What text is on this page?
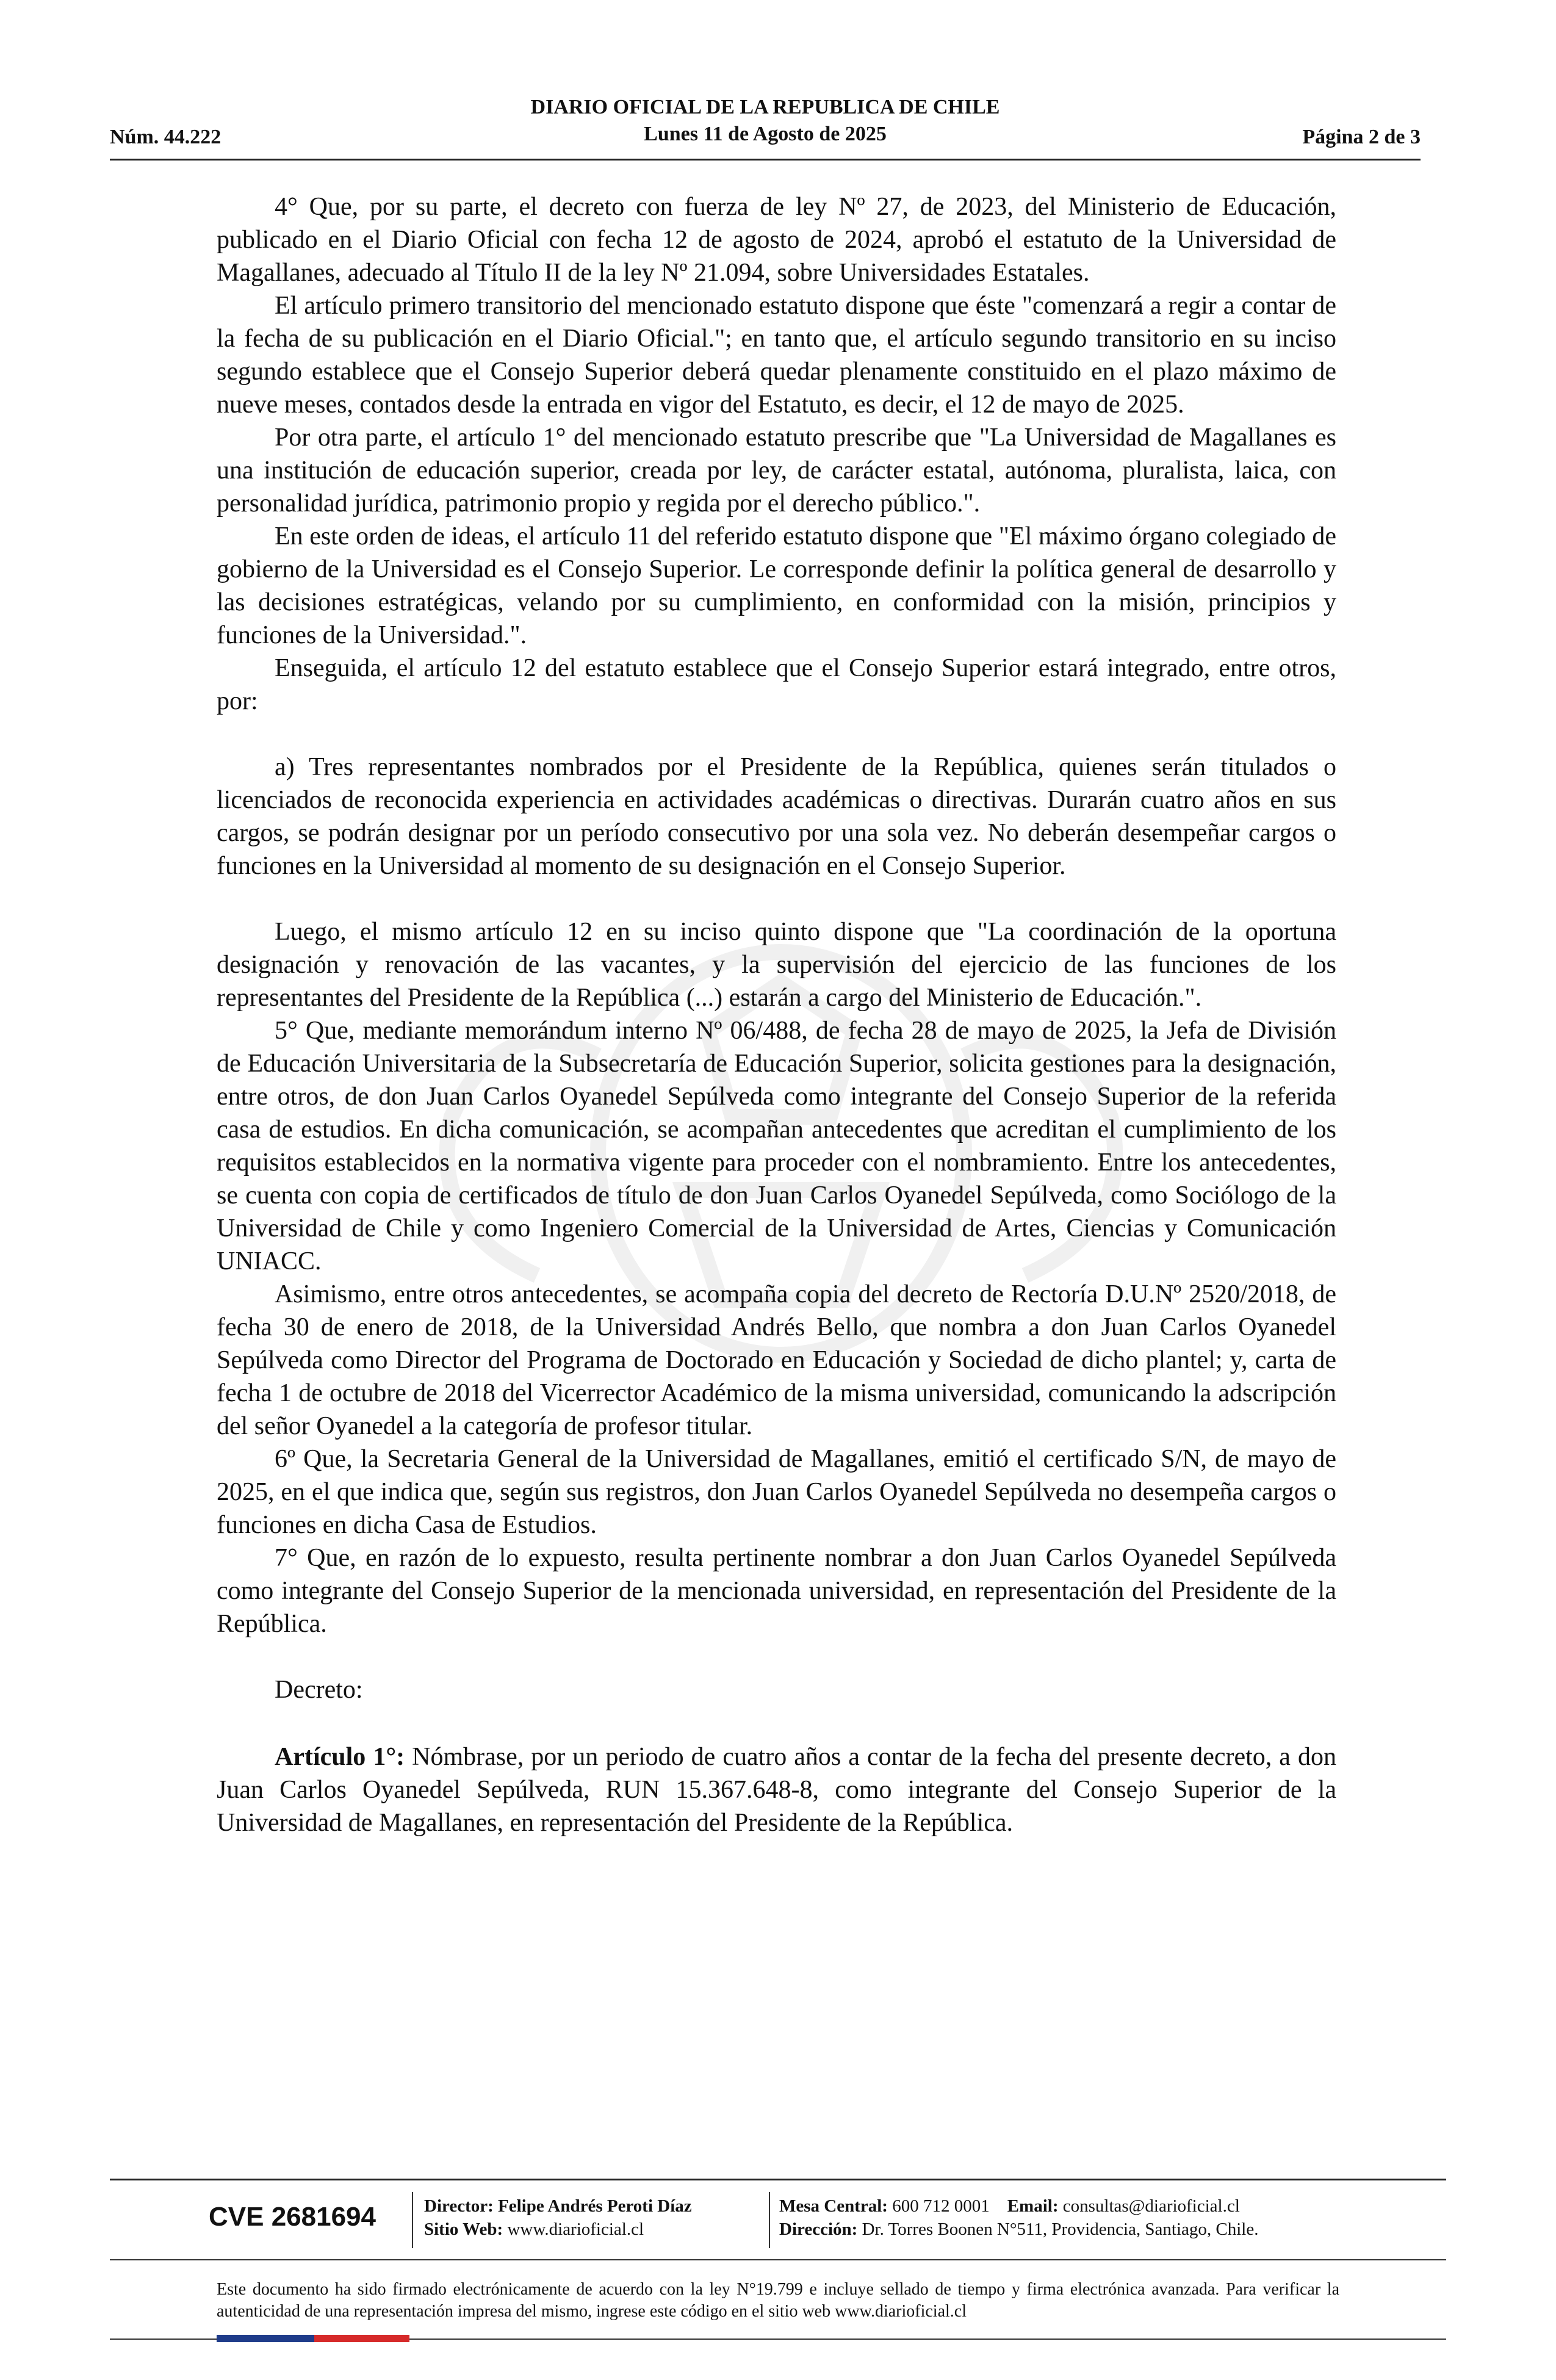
Núm. 44.222
DIARIO OFICIAL DE LA REPUBLICA DE CHILE
Lunes 11 de Agosto de 2025	Página 2 de 3

4° Que, por su parte, el decreto con fuerza de ley Nº 27, de 2023, del Ministerio de Educación, publicado en el Diario Oficial con fecha 12 de agosto de 2024, aprobó el estatuto de la Universidad de Magallanes, adecuado al Título II de la ley Nº 21.094, sobre Universidades Estatales.

El artículo primero transitorio del mencionado estatuto dispone que éste "comenzará a regir a contar de la fecha de su publicación en el Diario Oficial."; en tanto que, el artículo segundo transitorio en su inciso segundo establece que el Consejo Superior deberá quedar plenamente constituido en el plazo máximo de nueve meses, contados desde la entrada en vigor del Estatuto, es decir, el 12 de mayo de 2025.

Por otra parte, el artículo 1° del mencionado estatuto prescribe que "La Universidad de Magallanes es una institución de educación superior, creada por ley, de carácter estatal, autónoma, pluralista, laica, con personalidad jurídica, patrimonio propio y regida por el derecho público.".

En este orden de ideas, el artículo 11 del referido estatuto dispone que "El máximo órgano colegiado de gobierno de la Universidad es el Consejo Superior. Le corresponde definir la política general de desarrollo y las decisiones estratégicas, velando por su cumplimiento, en conformidad con la misión, principios y funciones de la Universidad.".

Enseguida, el artículo 12 del estatuto establece que el Consejo Superior estará integrado, entre otros, por:

a) Tres representantes nombrados por el Presidente de la República, quienes serán titulados o licenciados de reconocida experiencia en actividades académicas o directivas. Durarán cuatro años en sus cargos, se podrán designar por un período consecutivo por una sola vez. No deberán desempeñar cargos o funciones en la Universidad al momento de su designación en el Consejo Superior.

Luego, el mismo artículo 12 en su inciso quinto dispone que "La coordinación de la oportuna designación y renovación de las vacantes, y la supervisión del ejercicio de las funciones de los representantes del Presidente de la República (...) estarán a cargo del Ministerio de Educación.".

5° Que, mediante memorándum interno Nº 06/488, de fecha 28 de mayo de 2025, la Jefa de División de Educación Universitaria de la Subsecretaría de Educación Superior, solicita gestiones para la designación, entre otros, de don Juan Carlos Oyanedel Sepúlveda como integrante del Consejo Superior de la referida casa de estudios. En dicha comunicación, se acompañan antecedentes que acreditan el cumplimiento de los requisitos establecidos en la normativa vigente para proceder con el nombramiento. Entre los antecedentes, se cuenta con copia de certificados de título de don Juan Carlos Oyanedel Sepúlveda, como Sociólogo de la Universidad de Chile y como Ingeniero Comercial de la Universidad de Artes, Ciencias y Comunicación UNIACC.

Asimismo, entre otros antecedentes, se acompaña copia del decreto de Rectoría D.U.Nº 2520/2018, de fecha 30 de enero de 2018, de la Universidad Andrés Bello, que nombra a don Juan Carlos Oyanedel Sepúlveda como Director del Programa de Doctorado en Educación y Sociedad de dicho plantel; y, carta de fecha 1 de octubre de 2018 del Vicerrector Académico de la misma universidad, comunicando la adscripción del señor Oyanedel a la categoría de profesor titular.

6º Que, la Secretaria General de la Universidad de Magallanes, emitió el certificado S/N, de mayo de 2025, en el que indica que, según sus registros, don Juan Carlos Oyanedel Sepúlveda no desempeña cargos o funciones en dicha Casa de Estudios.

7° Que, en razón de lo expuesto, resulta pertinente nombrar a don Juan Carlos Oyanedel Sepúlveda como integrante del Consejo Superior de la mencionada universidad, en representación del Presidente de la República.

Decreto:

Artículo 1°: Nómbrase, por un periodo de cuatro años a contar de la fecha del presente decreto, a don Juan Carlos Oyanedel Sepúlveda, RUN 15.367.648-8, como integrante del Consejo Superior de la Universidad de Magallanes, en representación del Presidente de la República.

CVE 2681694	Director: Felipe Andrés Peroti Díaz
Sitio Web: www.diarioficial.cl
Mesa Central: 600 712 0001 Email: consultas@diarioficial.cl
Dirección: Dr. Torres Boonen N°511, Providencia, Santiago, Chile.
Este documento ha sido firmado electrónicamente de acuerdo con la ley N°19.799 e incluye sellado de tiempo y firma electrónica avanzada. Para verificar la autenticidad de una representación impresa del mismo, ingrese este código en el sitio web www.diarioficial.cl
